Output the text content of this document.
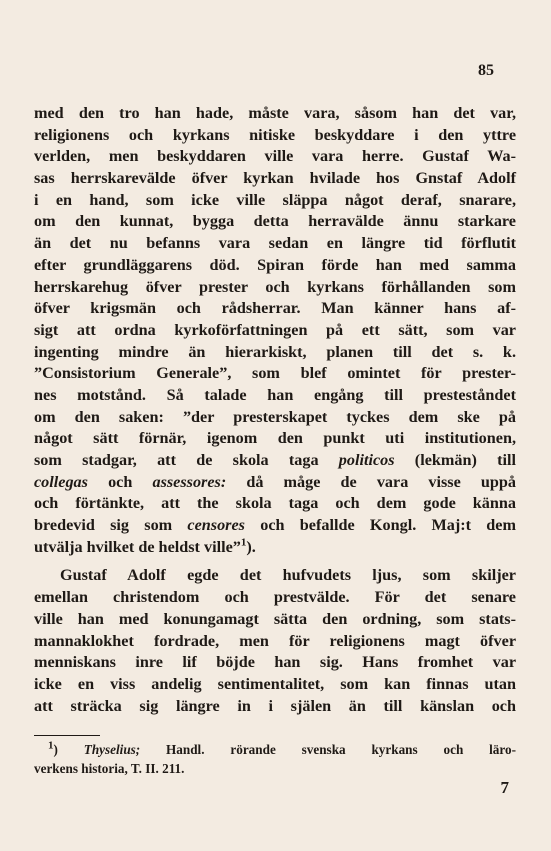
85
med den tro han hade, måste vara, såsom han det var,
religionens och kyrkans nitiske beskyddare i den yttre
verlden, men beskyddaren ville vara herre. Gustaf Wa-
sas herrskarevälde öfver kyrkan hvilade hos Gnstaf Adolf
i en hand, som icke ville släppa något deraf, snarare,
om den kunnat, bygga detta herravälde ännu starkare
än det nu befanns vara sedan en längre tid förflutit
efter grundläggarens död. Spiran förde han med samma
herrskarehug öfver prester och kyrkans förhållanden som
öfver krigsmän och rådsherrar. Man känner hans af-
sigt att ordna kyrkoförfattningen på ett sätt, som var
ingenting mindre än hierarkiskt, planen till det s. k.
”Consistorium Generale”, som blef omintet för prester-
nes motstånd. Så talade han engång till presteståndet
om den saken: ”der presterskapet tyckes dem ske på
något sätt förnär, igenom den punkt uti institutionen,
som stadgar, att de skola taga politicos (lekmän) till
collegas och assessores: då måge de vara visse uppå
och förtänkte, att the skola taga och dem gode känna
bredevid sig som censores och befallde Kongl. Maj:t dem
utvälja hvilket de heldst ville”$^1$).
Gustaf Adolf egde det hufvudets ljus, som skiljer
emellan christendom och prestvälde. För det senare
ville han med konungamagt sätta den ordning, som stats-
mannaklokhet fordrade, men för religionens magt öfver
menniskans inre lif böjde han sig. Hans fromhet var
icke en viss andelig sentimentalitet, som kan finnas utan
att sträcka sig längre in i själen än till känslan och
$^1$) Thyselius; Handl. rörande svenska kyrkans och läro-
verkens historia, T. II. 211.
7
